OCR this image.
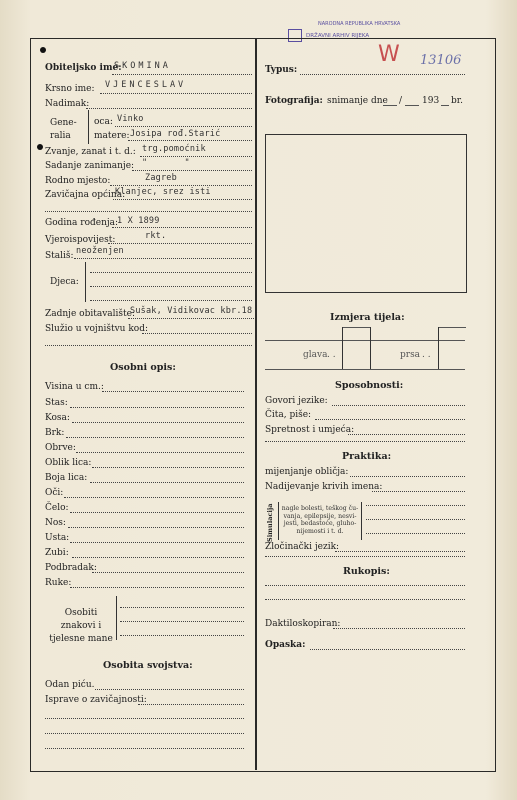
NARODNA REPUBLIKA HRVATSKA
DRŽAVNI ARHIV RIJEKA
W 13106
Obiteljsko ime:
SKOMINA
Krsno ime: VJENCESLAV
Nadimak:
Gene-ralia
oca: Vinko
matere: Josipa rođ.Starić
Zvanje, zanat i t. d.: trg.pomoćnik
Sadanje zanimanje: "       "
Rodno mjesto:	Zagreb
Zavičajna općina:
Klanjec, srez isti
Godina rođenja:
1 X 1899
Vjeroispovijest:	rkt.
Stališ: neoženjen
Djeca:
Zadnje obitavalište:
Sušak, Vidikovac kbr.18
Služio u vojništvu kod:
Osobni opis:
Visina u cm.:
Stas:
Kosa:
Brk:
Obrve:
Oblik lica:
Boja lica:
Oči:
Čelo:
Nos:
Usta:
Zubi:
Podbradak:
Ruke:
Osobiti znakovi i tjelesne mane
Osobita svojstva:
Odan piću.
Isprave o zavičajnosti:
Typus:
Fotografija: snimanje dne / 193 br.
Izmjera tijela:
glava . .	prsa . .
Sposobnosti:
Govori jezike:
Čita, piše:
Spretnost i umjeća:
Praktika:
mijenjanje obličja:
Nadijevanje krivih imena:
Simulacija nagle bolesti, teškog ču-vanja, epilepsije, nesvi-jesti, bedastoće, gluho-nijemosti i t. d.
Zločinački jezik:
Rukopis:
Daktiloskopiran:
Opaska:
